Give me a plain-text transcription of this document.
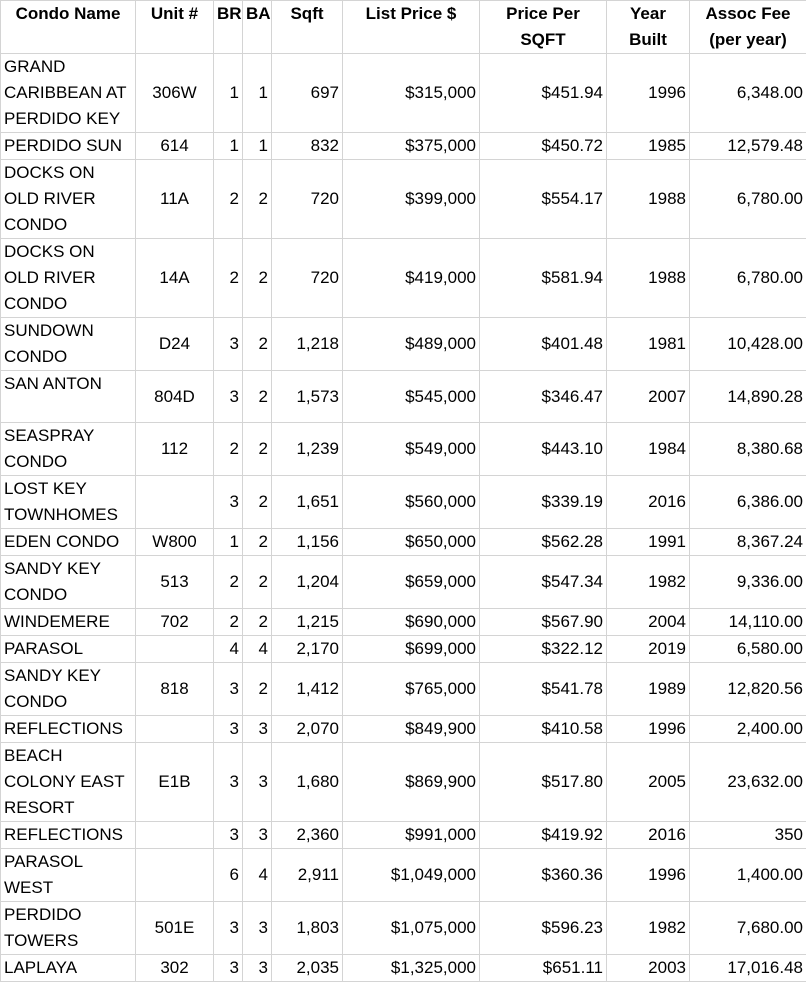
Condo Name	Unit #	BR	BA	Sqft	List Price $	Price Per SQFT	Year Built	Assoc Fee (per year)
GRAND CARIBBEAN AT PERDIDO KEY	306W	1	1	697	$315,000	$451.94	1996	6,348.00
PERDIDO SUN	614	1	1	832	$375,000	$450.72	1985	12,579.48
DOCKS ON OLD RIVER CONDO	11A	2	2	720	$399,000	$554.17	1988	6,780.00
DOCKS ON OLD RIVER CONDO	14A	2	2	720	$419,000	$581.94	1988	6,780.00
SUNDOWN CONDO	D24	3	2	1,218	$489,000	$401.48	1981	10,428.00
SAN ANTON	804D	3	2	1,573	$545,000	$346.47	2007	14,890.28
SEASPRAY CONDO	112	2	2	1,239	$549,000	$443.10	1984	8,380.68
LOST KEY TOWNHOMES		3	2	1,651	$560,000	$339.19	2016	6,386.00
EDEN CONDO	W800	1	2	1,156	$650,000	$562.28	1991	8,367.24
SANDY KEY CONDO	513	2	2	1,204	$659,000	$547.34	1982	9,336.00
WINDEMERE	702	2	2	1,215	$690,000	$567.90	2004	14,110.00
PARASOL		4	4	2,170	$699,000	$322.12	2019	6,580.00
SANDY KEY CONDO	818	3	2	1,412	$765,000	$541.78	1989	12,820.56
REFLECTIONS		3	3	2,070	$849,900	$410.58	1996	2,400.00
BEACH COLONY EAST RESORT	E1B	3	3	1,680	$869,900	$517.80	2005	23,632.00
REFLECTIONS		3	3	2,360	$991,000	$419.92	2016	350
PARASOL WEST		6	4	2,911	$1,049,000	$360.36	1996	1,400.00
PERDIDO TOWERS	501E	3	3	1,803	$1,075,000	$596.23	1982	7,680.00
LAPLAYA	302	3	3	2,035	$1,325,000	$651.11	2003	17,016.48
